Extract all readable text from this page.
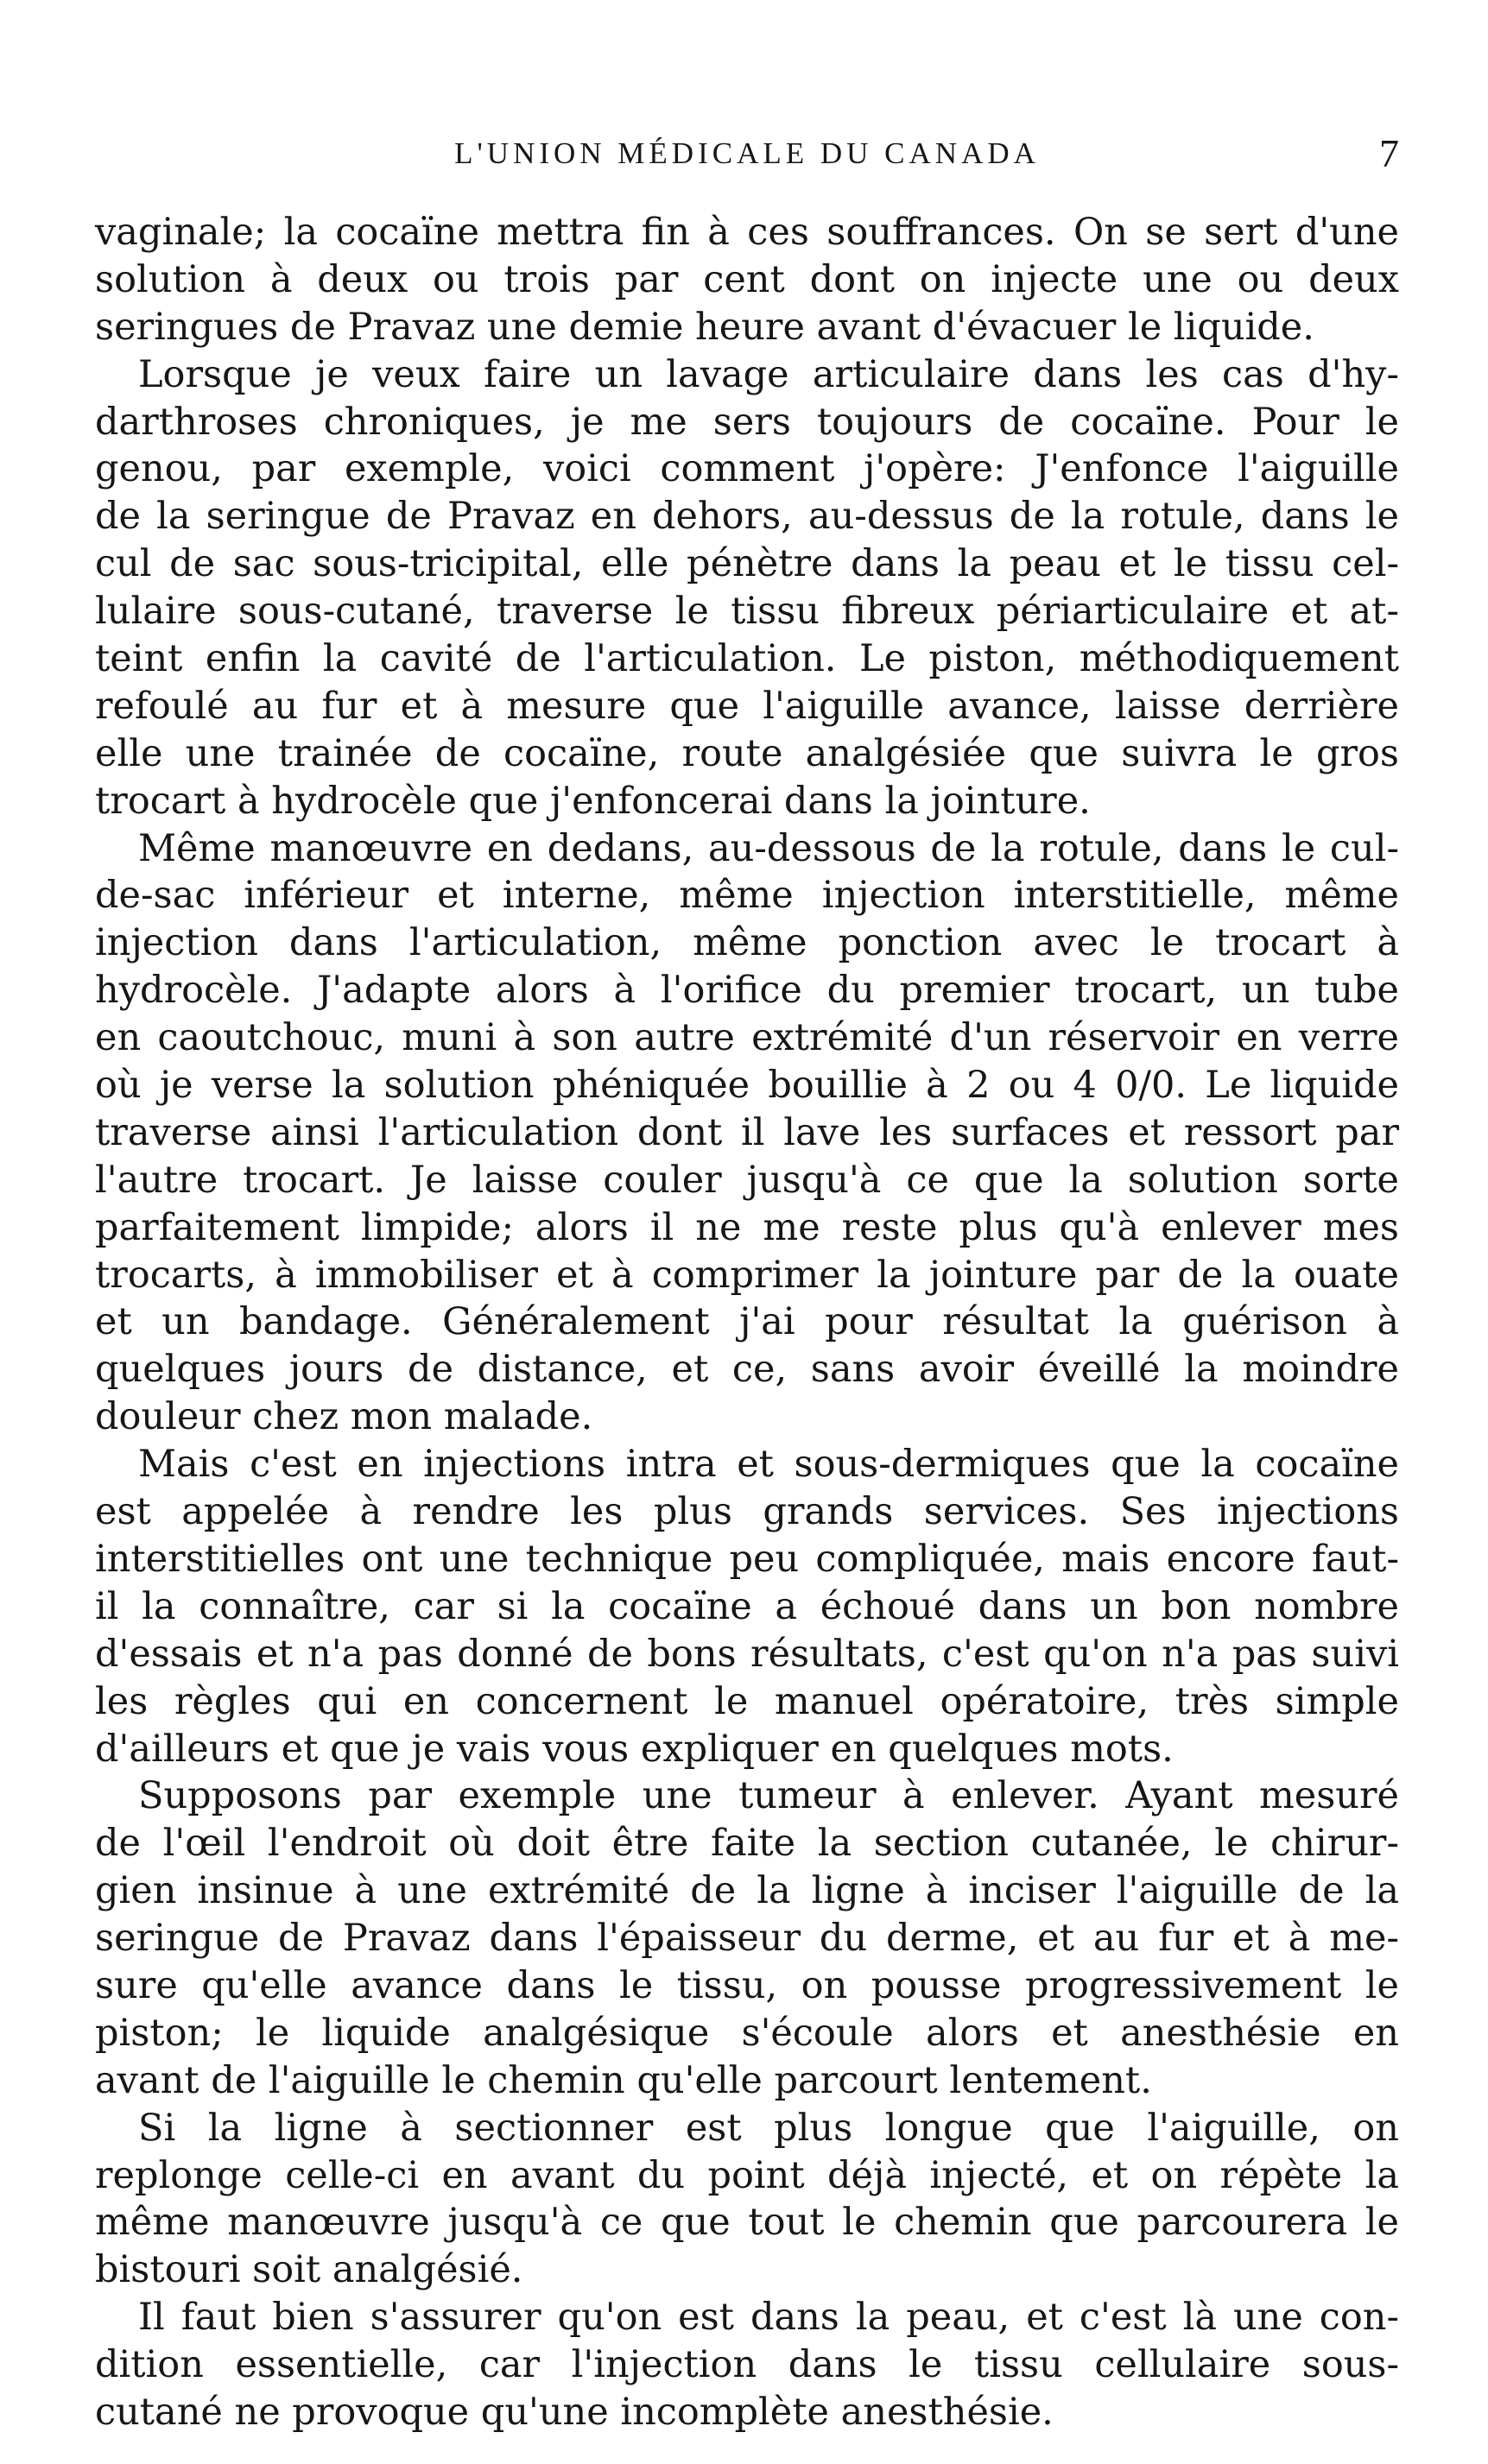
L'UNION MÉDICALE DU CANADA	7
vaginale; la cocaïne mettra fin à ces souffrances. On se sert d'une
solution à deux ou trois par cent dont on injecte une ou deux
seringues de Pravaz une demie heure avant d'évacuer le liquide.
Lorsque je veux faire un lavage articulaire dans les cas d'hy-
darthroses chroniques, je me sers toujours de cocaïne. Pour le
genou, par exemple, voici comment j'opère: J'enfonce l'aiguille
de la seringue de Pravaz en dehors, au-dessus de la rotule, dans le
cul de sac sous-tricipital, elle pénètre dans la peau et le tissu cel-
lulaire sous-cutané, traverse le tissu fibreux périarticulaire et at-
teint enfin la cavité de l'articulation. Le piston, méthodiquement
refoulé au fur et à mesure que l'aiguille avance, laisse derrière
elle une trainée de cocaïne, route analgésiée que suivra le gros
trocart à hydrocèle que j'enfoncerai dans la jointure.
Même manœuvre en dedans, au-dessous de la rotule, dans le cul-
de-sac inférieur et interne, même injection interstitielle, même
injection dans l'articulation, même ponction avec le trocart à
hydrocèle. J'adapte alors à l'orifice du premier trocart, un tube
en caoutchouc, muni à son autre extrémité d'un réservoir en verre
où je verse la solution phéniquée bouillie à 2 ou 4 0/0. Le liquide
traverse ainsi l'articulation dont il lave les surfaces et ressort par
l'autre trocart. Je laisse couler jusqu'à ce que la solution sorte
parfaitement limpide; alors il ne me reste plus qu'à enlever mes
trocarts, à immobiliser et à comprimer la jointure par de la ouate
et un bandage. Généralement j'ai pour résultat la guérison à
quelques jours de distance, et ce, sans avoir éveillé la moindre
douleur chez mon malade.
Mais c'est en injections intra et sous-dermiques que la cocaïne
est appelée à rendre les plus grands services. Ses injections
interstitielles ont une technique peu compliquée, mais encore faut-
il la connaître, car si la cocaïne a échoué dans un bon nombre
d'essais et n'a pas donné de bons résultats, c'est qu'on n'a pas suivi
les règles qui en concernent le manuel opératoire, très simple
d'ailleurs et que je vais vous expliquer en quelques mots.
Supposons par exemple une tumeur à enlever. Ayant mesuré
de l'œil l'endroit où doit être faite la section cutanée, le chirur-
gien insinue à une extrémité de la ligne à inciser l'aiguille de la
seringue de Pravaz dans l'épaisseur du derme, et au fur et à me-
sure qu'elle avance dans le tissu, on pousse progressivement le
piston; le liquide analgésique s'écoule alors et anesthésie en
avant de l'aiguille le chemin qu'elle parcourt lentement.
Si la ligne à sectionner est plus longue que l'aiguille, on
replonge celle-ci en avant du point déjà injecté, et on répète la
même manœuvre jusqu'à ce que tout le chemin que parcourera le
bistouri soit analgésié.
Il faut bien s'assurer qu'on est dans la peau, et c'est là une con-
dition essentielle, car l'injection dans le tissu cellulaire sous-
cutané ne provoque qu'une incomplète anesthésie.
